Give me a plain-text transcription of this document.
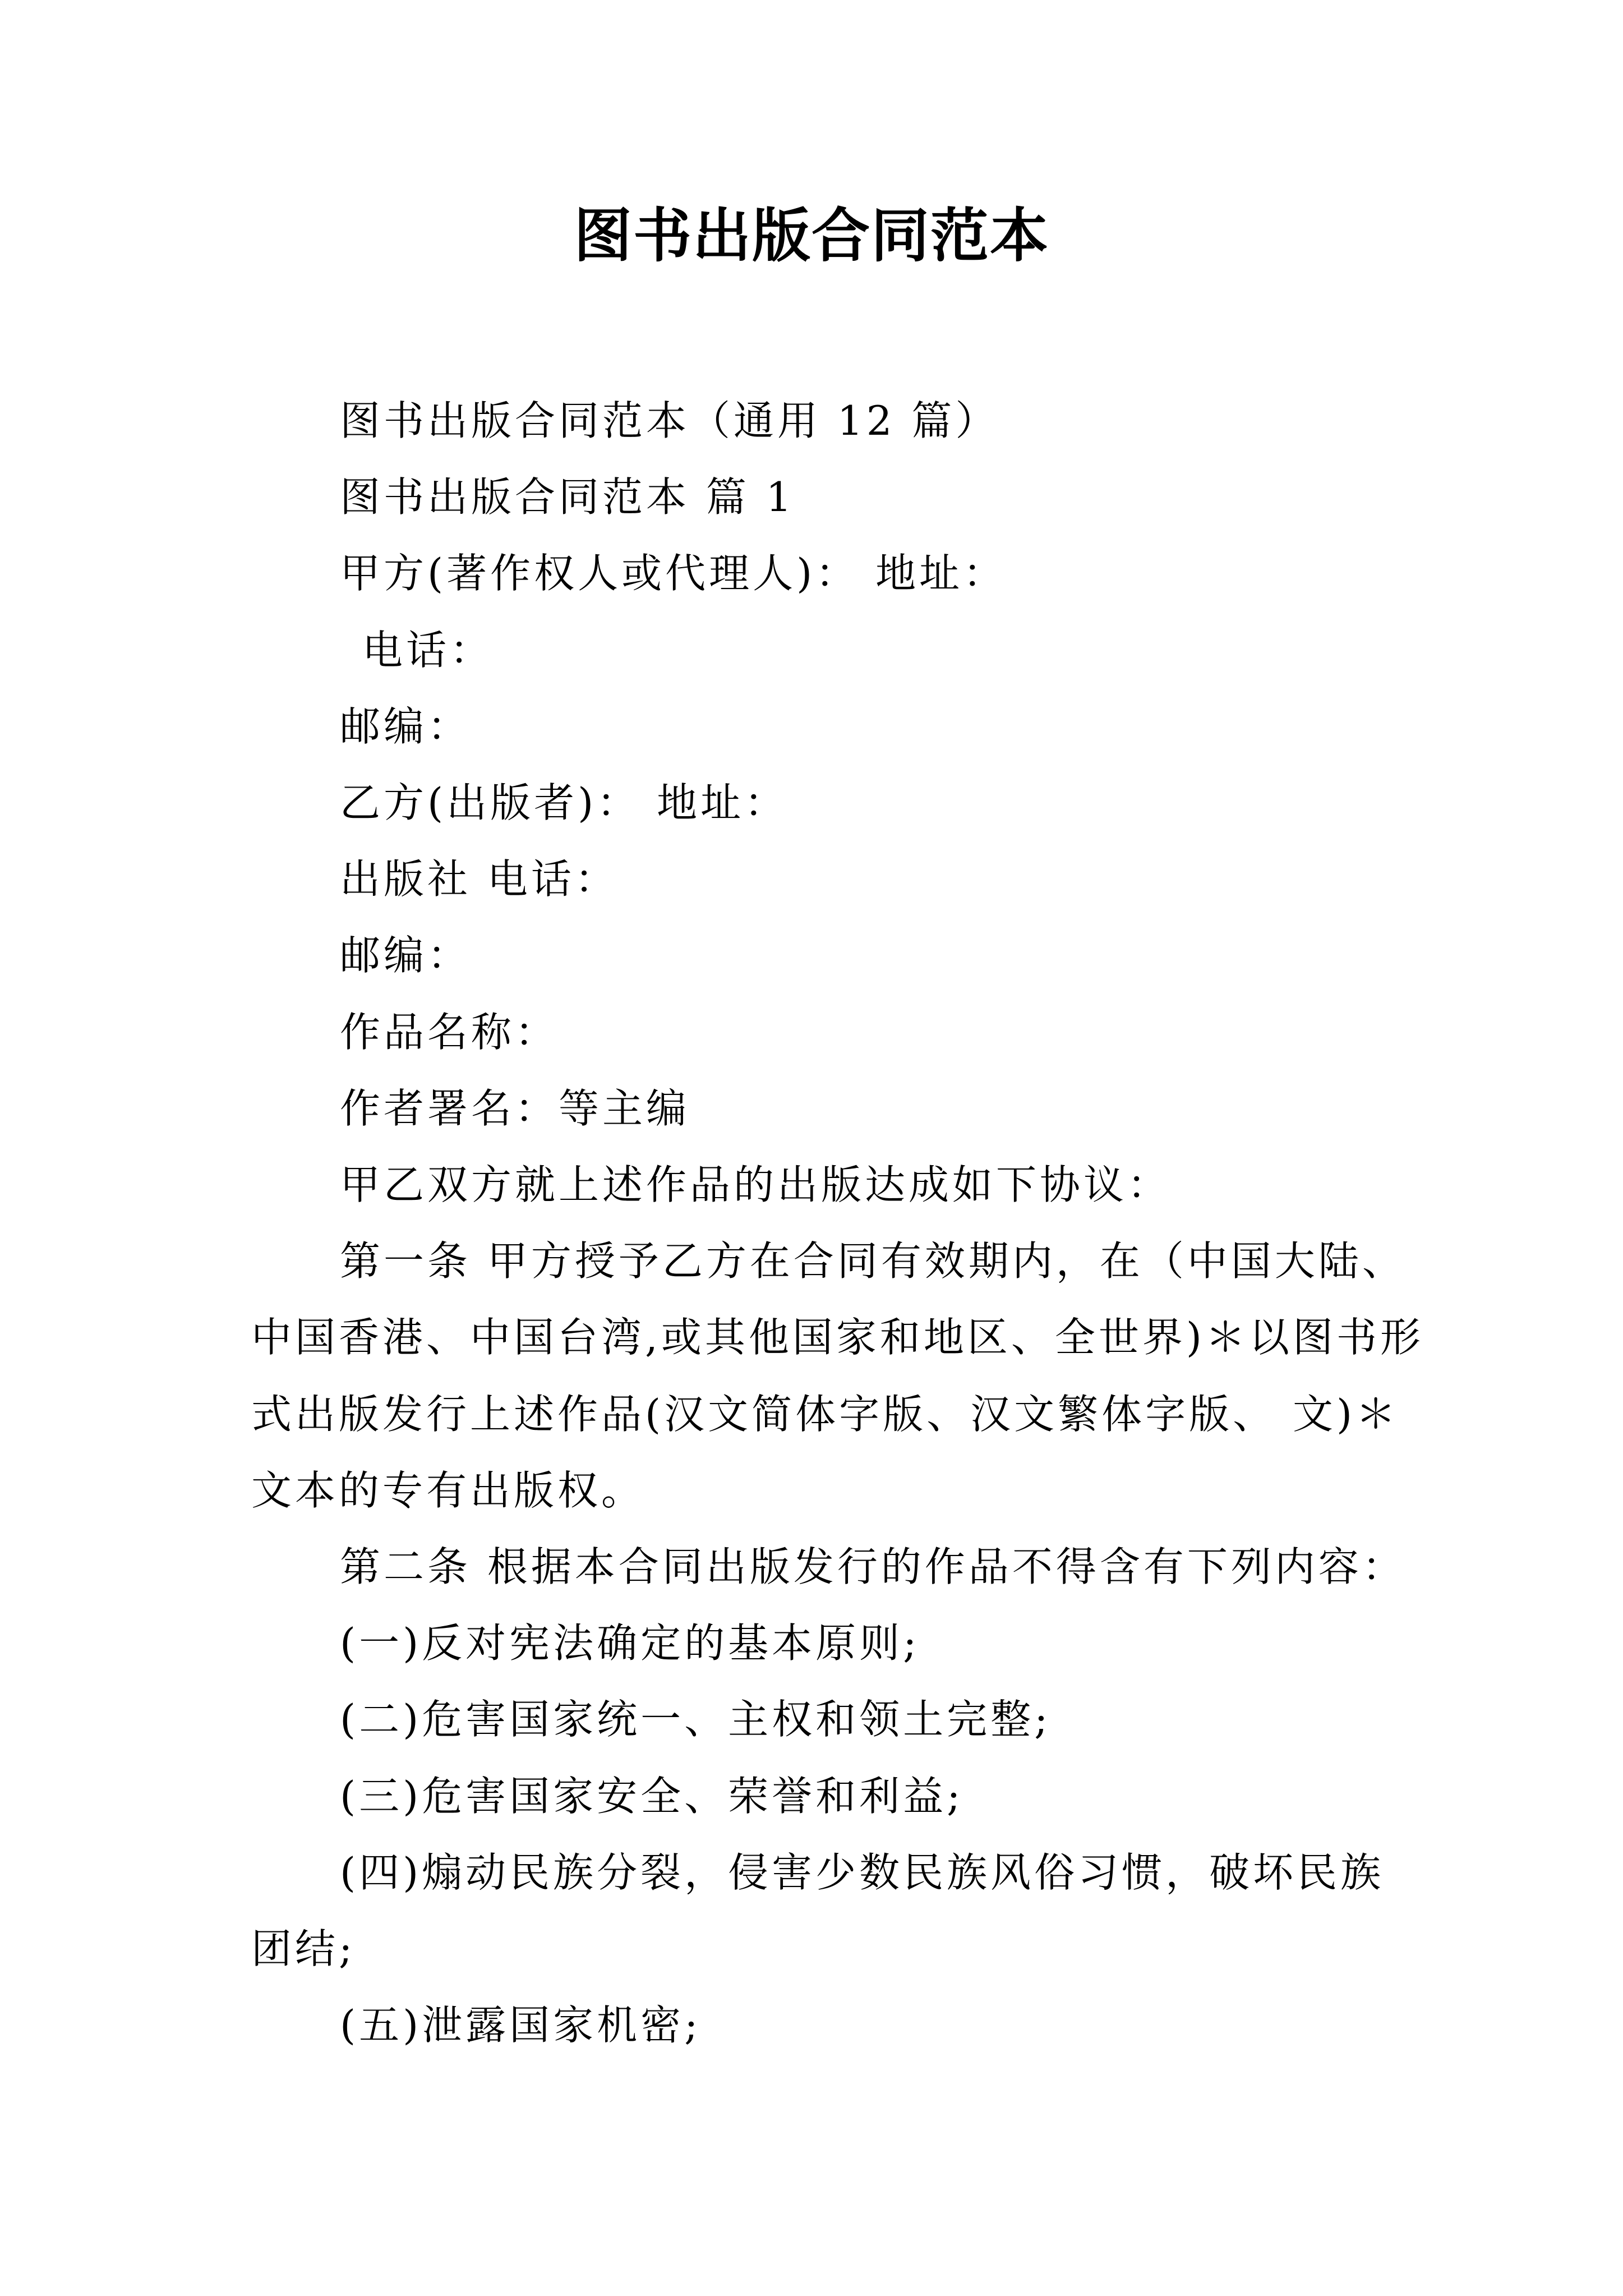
图书出版合同范本

图书出版合同范本（通用 12 篇）

图书出版合同范本 篇 1

甲方(著作权人或代理人)： 地址：

电话：

邮编：

乙方(出版者)： 地址：

出版社 电话：

邮编：

作品名称：

作者署名：等主编

甲乙双方就上述作品的出版达成如下协议：

第一条 甲方授予乙方在合同有效期内，在（中国大陆、

中国香港、中国台湾,或其他国家和地区、全世界)＊以图书形

式出版发行上述作品(汉文简体字版、汉文繁体字版、 文)＊

文本的专有出版权。

第二条 根据本合同出版发行的作品不得含有下列内容：

(一)反对宪法确定的基本原则;

(二)危害国家统一、主权和领土完整;

(三)危害国家安全、荣誉和利益;

(四)煽动民族分裂，侵害少数民族风俗习惯，破坏民族

团结;

(五)泄露国家机密;
